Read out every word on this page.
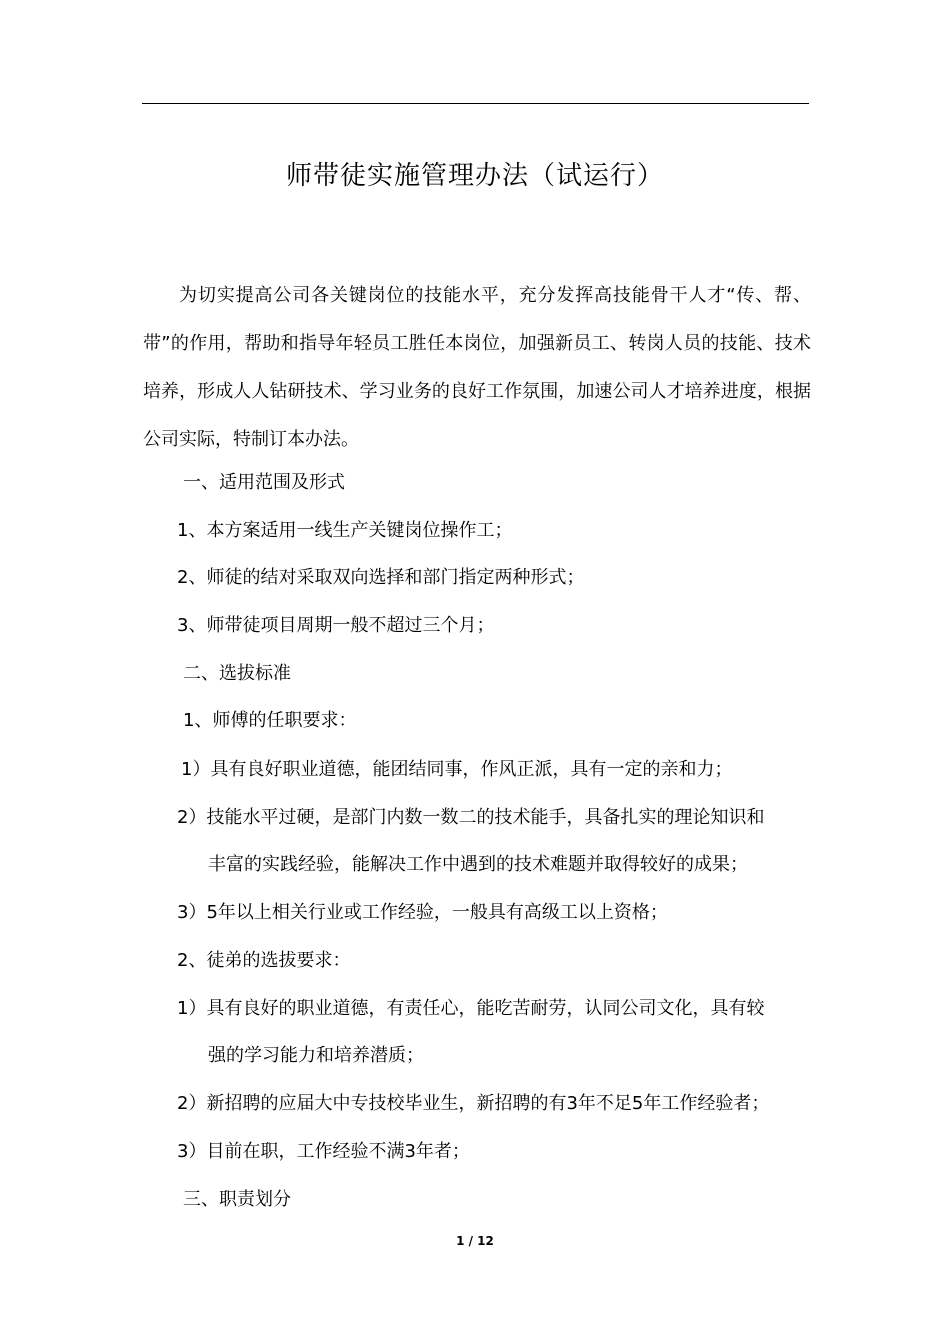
师带徒实施管理办法（试运行）

为切实提高公司各关键岗位的技能水平，充分发挥高技能骨干人才“传、帮、带”的作用，帮助和指导年轻员工胜任本岗位，加强新员工、转岗人员的技能、技术培养，形成人人钻研技术、学习业务的良好工作氛围，加速公司人才培养进度，根据公司实际，特制订本办法。

一、适用范围及形式
1、本方案适用一线生产关键岗位操作工；
2、师徒的结对采取双向选择和部门指定两种形式；
3、师带徒项目周期一般不超过三个月；
二、选拔标准
1、师傅的任职要求：
1）具有良好职业道德，能团结同事，作风正派，具有一定的亲和力；
2）技能水平过硬，是部门内数一数二的技术能手，具备扎实的理论知识和
丰富的实践经验，能解决工作中遇到的技术难题并取得较好的成果；
3）5年以上相关行业或工作经验，一般具有高级工以上资格；
2、徒弟的选拔要求：
1）具有良好的职业道德，有责任心，能吃苦耐劳，认同公司文化，具有较
强的学习能力和培养潜质；
2）新招聘的应届大中专技校毕业生，新招聘的有3年不足5年工作经验者；
3）目前在职，工作经验不满3年者；
三、职责划分
1 / 12
